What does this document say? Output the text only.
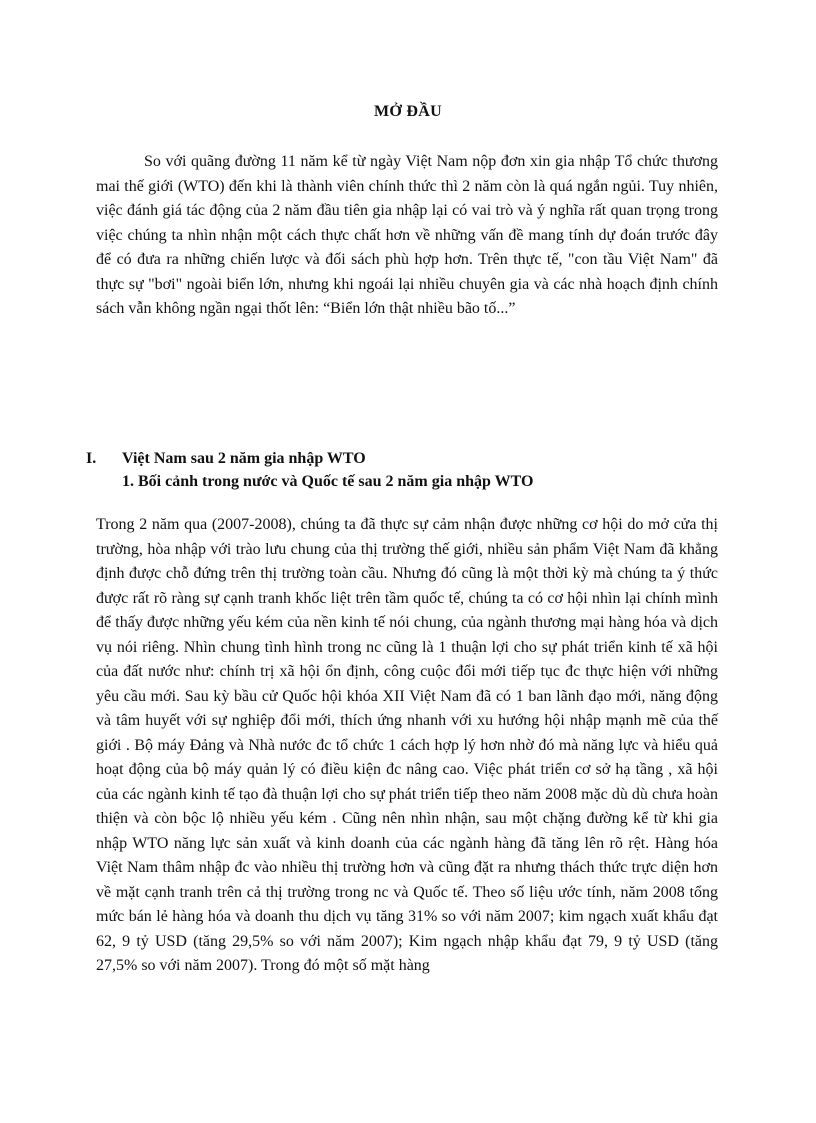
MỞ ĐẦU

So với quãng đường 11 năm kể từ ngày Việt Nam nộp đơn xin gia nhập Tổ chức thương mai thế giới (WTO) đến khi là thành viên chính thức thì 2 năm còn là quá ngắn ngủi. Tuy nhiên, việc đánh giá tác động của 2 năm đầu tiên gia nhập lại có vai trò và ý nghĩa rất quan trọng trong việc chúng ta nhìn nhận một cách thực chất hơn về những vấn đề mang tính dự đoán trước đây để có đưa ra những chiến lược và đối sách phù hợp hơn. Trên thực tế, "con tầu Việt Nam" đã thực sự "bơi" ngoài biển lớn, nhưng khi ngoái lại nhiều chuyên gia và các nhà hoạch định chính sách vẫn không ngần ngại thốt lên: “Biển lớn thật nhiều bão tố...”

I. Việt Nam sau 2 năm gia nhập WTO
1. Bối cảnh trong nước và Quốc tế sau 2 năm gia nhập WTO

Trong 2 năm qua (2007-2008), chúng ta đã thực sự cảm nhận được những cơ hội do mở cửa thị trường, hòa nhập với trào lưu chung của thị trường thế giới, nhiều sản phẩm Việt Nam đã khẳng định được chỗ đứng trên thị trường toàn cầu. Nhưng đó cũng là một thời kỳ mà chúng ta ý thức được rất rõ ràng sự cạnh tranh khốc liệt trên tầm quốc tế, chúng ta có cơ hội nhìn lại chính mình để thấy được những yếu kém của nền kinh tế nói chung, của ngành thương mại hàng hóa và dịch vụ nói riêng. Nhìn chung tình hình trong nc cũng là 1 thuận lợi cho sự phát triển kinh tế xã hội của đất nước như: chính trị xã hội ổn định, công cuộc đổi mới tiếp tục đc thực hiện với những yêu cầu mới. Sau kỳ bầu cử Quốc hội khóa XII Việt Nam đã có 1 ban lãnh đạo mới, năng động và tâm huyết với sự nghiệp đổi mới, thích ứng nhanh với xu hướng hội nhập mạnh mẽ của thế giới . Bộ máy Đảng và Nhà nước đc tổ chức 1 cách hợp lý hơn nhờ đó mà năng lực và hiểu quả hoạt động của bộ máy quản lý có điều kiện đc nâng cao. Việc phát triển cơ sở hạ tầng , xã hội của các ngành kinh tế tạo đà thuận lợi cho sự phát triển tiếp theo năm 2008 mặc dù dù chưa hoàn thiện và còn bộc lộ nhiều yếu kém . Cũng nên nhìn nhận, sau một chặng đường kể từ khi gia nhập WTO năng lực sản xuất và kinh doanh của các ngành hàng đã tăng lên rõ rệt. Hàng hóa Việt Nam thâm nhập đc vào nhiều thị trường hơn và cũng đặt ra nhưng thách thức trực diện hơn về mặt cạnh tranh trên cả thị trường trong nc và Quốc tế. Theo số liệu ước tính, năm 2008 tổng mức bán lẻ hàng hóa và doanh thu dịch vụ tăng 31% so với năm 2007; kim ngạch xuất khẩu đạt 62, 9 tỷ USD (tăng 29,5% so với năm 2007); Kim ngạch nhập khẩu đạt 79, 9 tỷ USD (tăng 27,5% so với năm 2007). Trong đó một số mặt hàng
